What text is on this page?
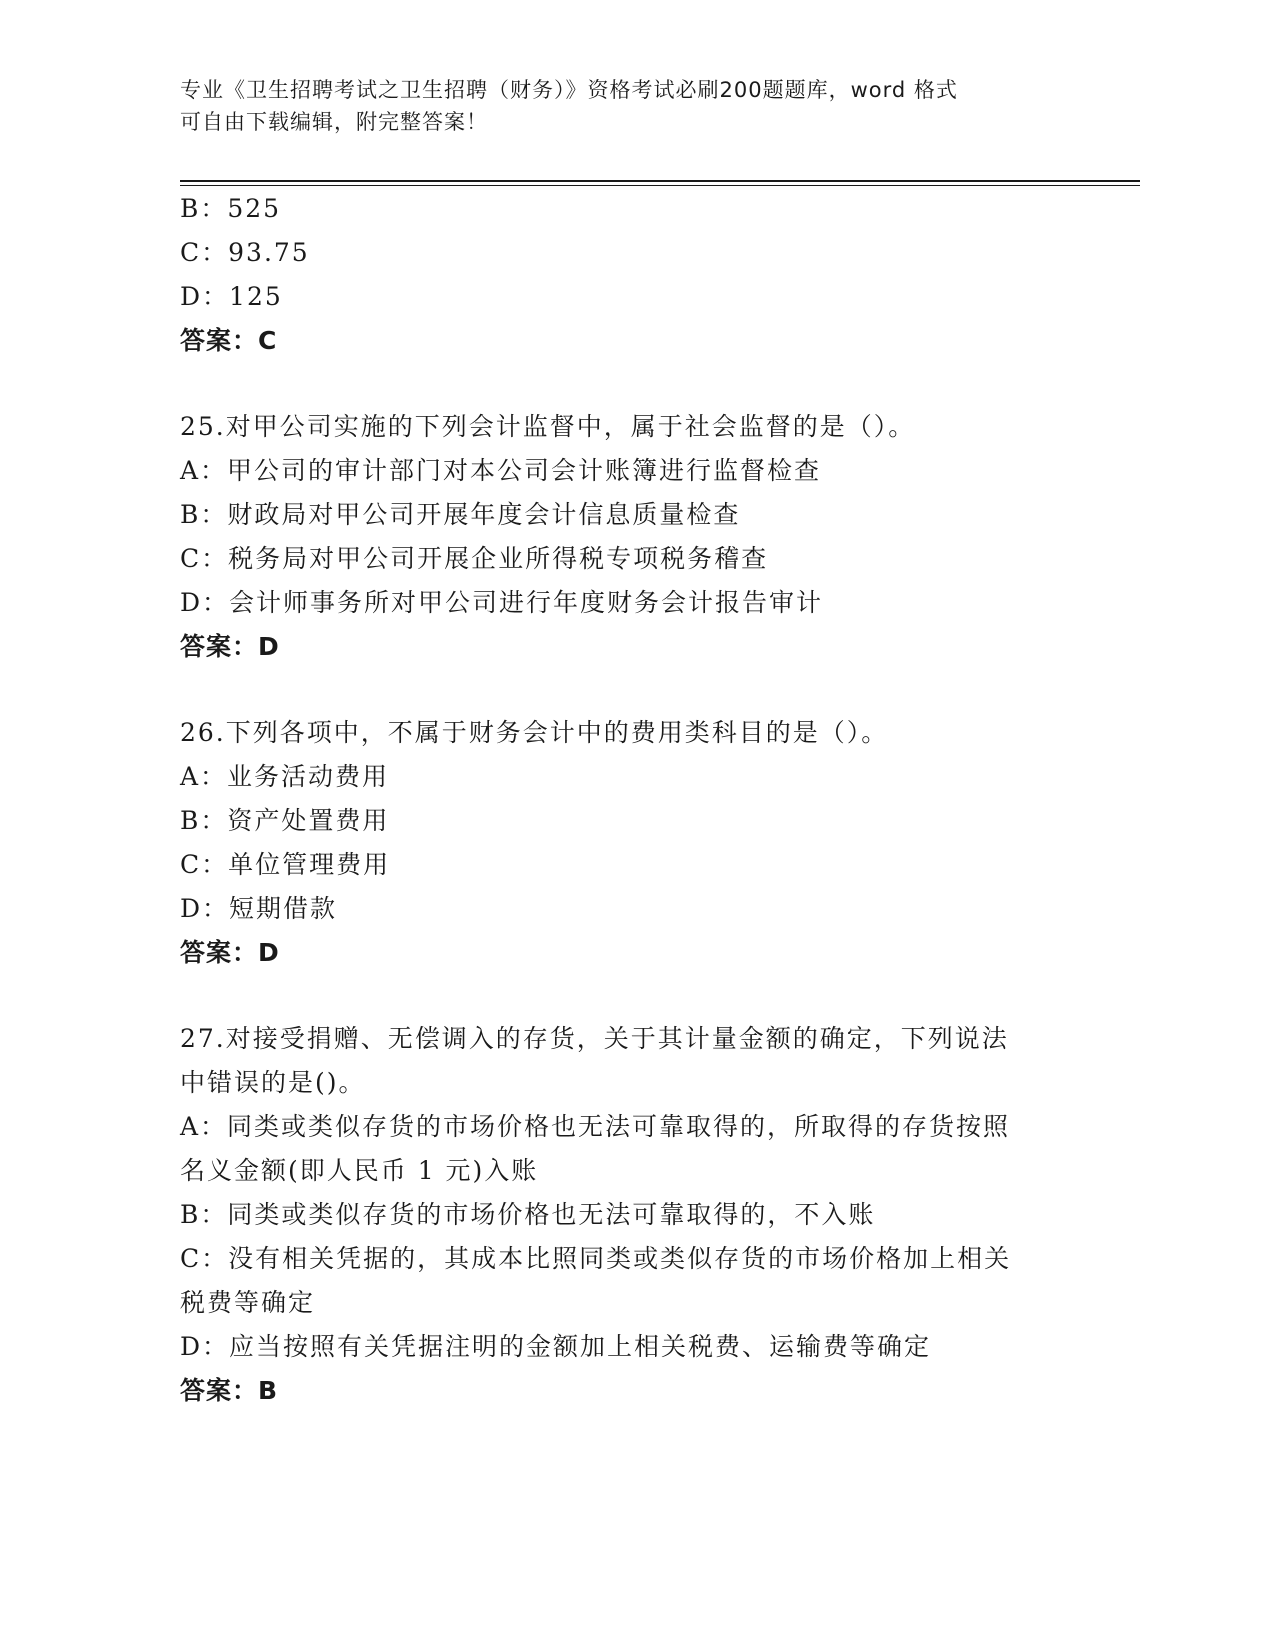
专业《卫生招聘考试之卫生招聘（财务）》资格考试必刷200题题库，word 格式
可自由下载编辑，附完整答案！
B：525
C：93.75
D：125
答案：C
25.对甲公司实施的下列会计监督中，属于社会监督的是（）。
A：甲公司的审计部门对本公司会计账簿进行监督检查
B：财政局对甲公司开展年度会计信息质量检查
C：税务局对甲公司开展企业所得税专项税务稽查
D：会计师事务所对甲公司进行年度财务会计报告审计
答案：D
26.下列各项中，不属于财务会计中的费用类科目的是（）。
A：业务活动费用
B：资产处置费用
C：单位管理费用
D：短期借款
答案：D
27.对接受捐赠、无偿调入的存货，关于其计量金额的确定，下列说法
中错误的是()。
A：同类或类似存货的市场价格也无法可靠取得的，所取得的存货按照
名义金额(即人民币 1 元)入账
B：同类或类似存货的市场价格也无法可靠取得的，不入账
C：没有相关凭据的，其成本比照同类或类似存货的市场价格加上相关
税费等确定
D：应当按照有关凭据注明的金额加上相关税费、运输费等确定
答案：B
